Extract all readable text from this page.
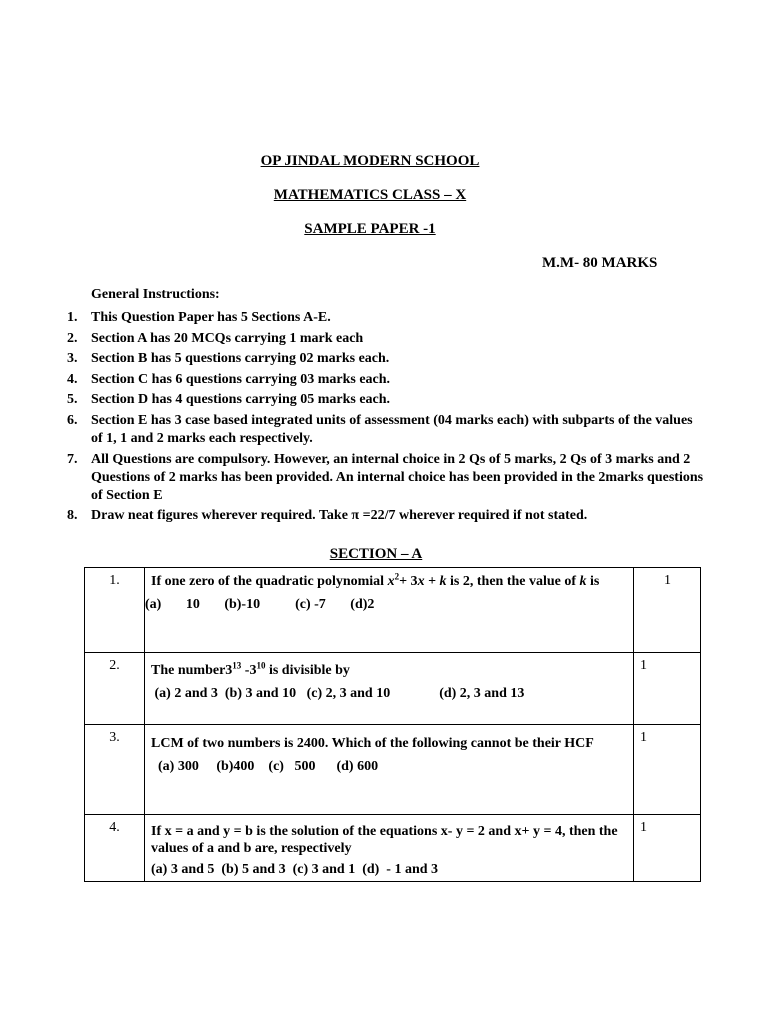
OP JINDAL MODERN SCHOOL
MATHEMATICS CLASS – X
SAMPLE PAPER -1
M.M- 80 MARKS
General Instructions:
1. This Question Paper has 5 Sections A-E.
2. Section A has 20 MCQs carrying 1 mark each
3. Section B has 5 questions carrying 02 marks each.
4. Section C has 6 questions carrying 03 marks each.
5. Section D has 4 questions carrying 05 marks each.
6. Section E has 3 case based integrated units of assessment (04 marks each) with subparts of the values of 1, 1 and 2 marks each respectively.
7. All Questions are compulsory. However, an internal choice in 2 Qs of 5 marks, 2 Qs of 3 marks and 2 Questions of 2 marks has been provided. An internal choice has been provided in the 2marks questions of Section E
8. Draw neat figures wherever required. Take π =22/7 wherever required if not stated.
SECTION – A
1.	If one zero of the quadratic polynomial $x^2+ 3x + k$ is 2, then the value of k is
(a)       10       (b)-10          (c) -7       (d)2	1
2.	The $number3^{13}$ $-3^{10}$ is divisible by
(a) 2 and 3  (b) 3 and 10   (c) 2, 3 and 10              (d) 2, 3 and 13	1
3.	LCM of two numbers is 2400. Which of the following cannot be their HCF
(a) 300     (b)400    (c)   500      (d) 600	1
4.	If x = a and y = b is the solution of the equations x- y = 2 and x+ y = 4, then the values of a and b are, respectively
(a) 3 and 5  (b) 5 and 3  (c) 3 and 1  (d)  - 1 and 3	1
